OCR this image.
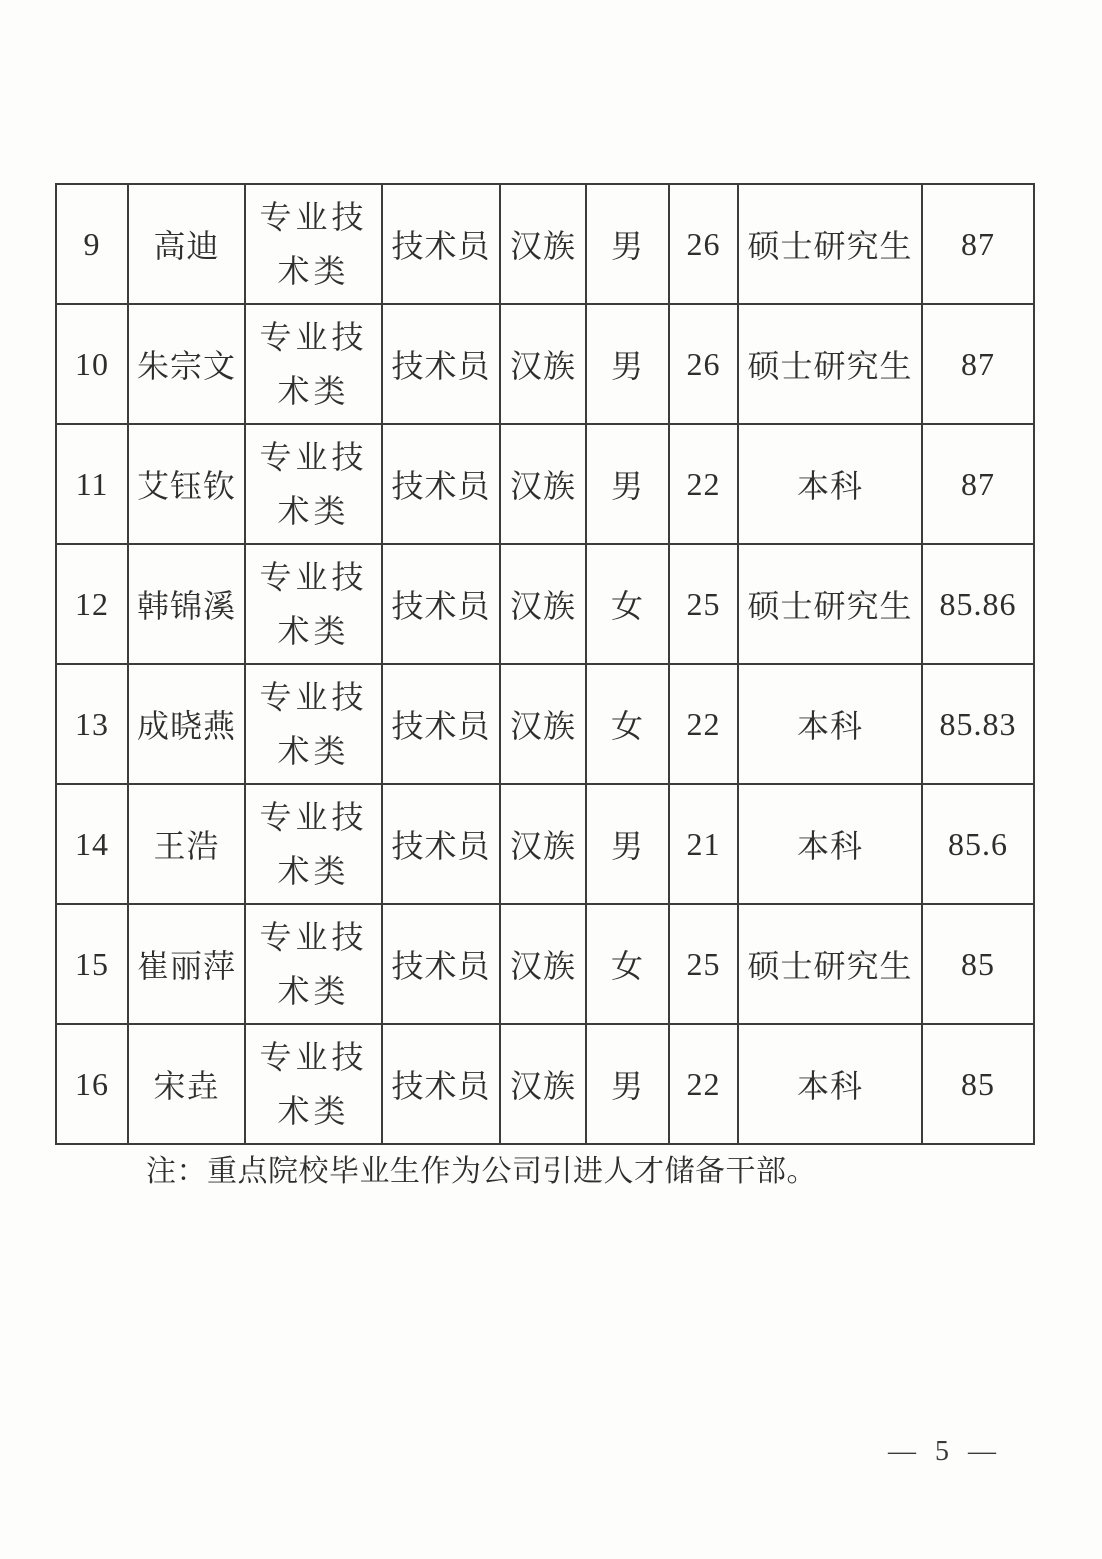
9	高迪	专业技术类	技术员	汉族	男	26	硕士研究生	87
10	朱宗文	专业技术类	技术员	汉族	男	26	硕士研究生	87
11	艾钰钦	专业技术类	技术员	汉族	男	22	本科	87
12	韩锦溪	专业技术类	技术员	汉族	女	25	硕士研究生	85.86
13	成晓燕	专业技术类	技术员	汉族	女	22	本科	85.83
14	王浩	专业技术类	技术员	汉族	男	21	本科	85.6
15	崔丽萍	专业技术类	技术员	汉族	女	25	硕士研究生	85
16	宋垚	专业技术类	技术员	汉族	男	22	本科	85
注：重点院校毕业生作为公司引进人才储备干部。
— 5 —
